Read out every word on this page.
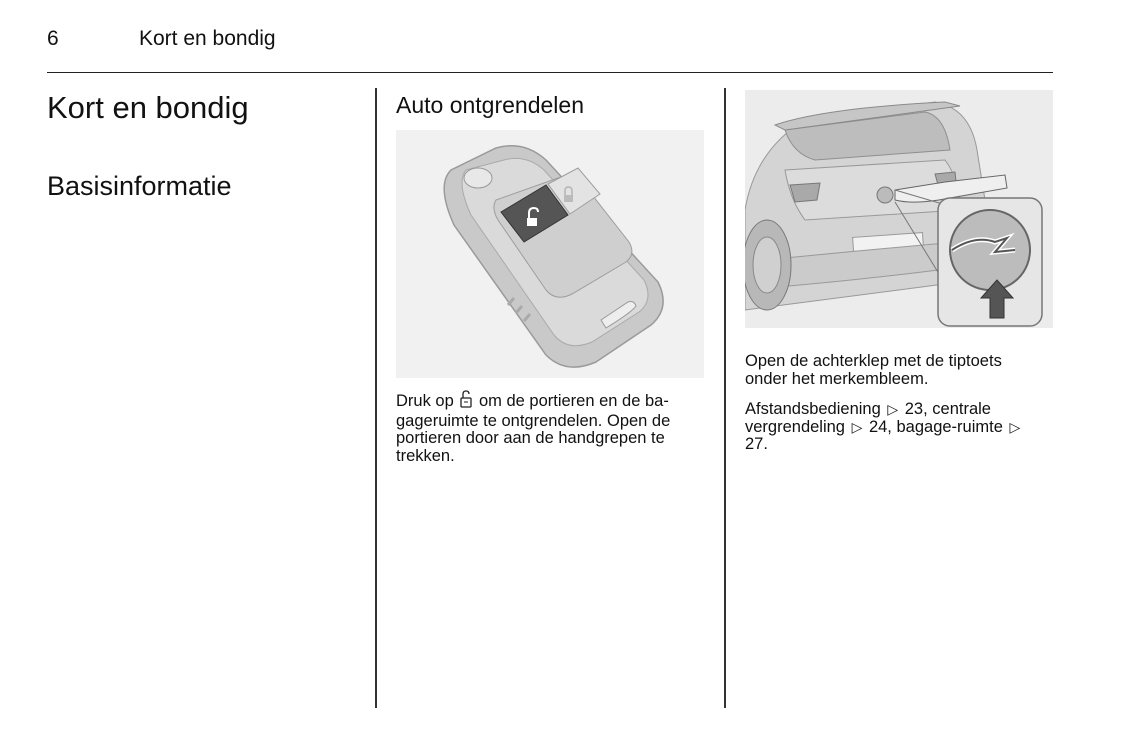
6	Kort en bondig
Kort en bondig
Basisinformatie
Auto ontgrendelen

Druk op om de portieren en de ba-gageruimte te ontgrendelen. Open de portieren door aan de handgrepen te trekken.

Open de achterklep met de tiptoets onder het merkembleem.

Afstandsbediening ▷ 23, centrale vergrendeling ▷ 24, bagage-ruimte ▷ 27.
